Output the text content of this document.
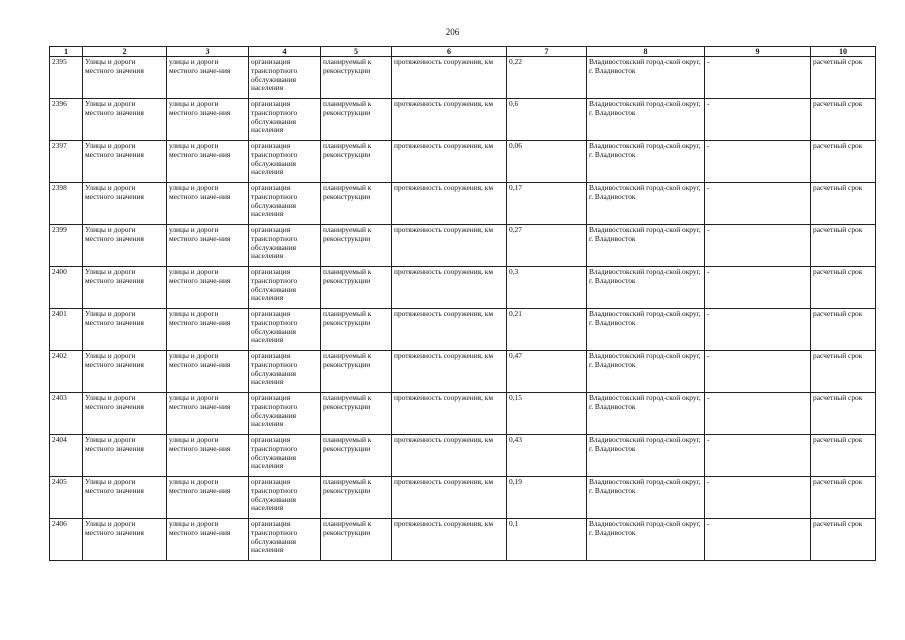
206
1	2	3	4	5	6	7	8	9	10
2395	Улицы и дороги местного значения	улицы и дороги местного значе-ния	организация транспортного обслуживания населения	планируемый к реконструкции	протяженность сооружения, км	0,22	Владивостокский город-ской округ, г. Владивосток	-	расчетный срок
2396	Улицы и дороги местного значения	улицы и дороги местного значе-ния	организация транспортного обслуживания населения	планируемый к реконструкции	протяженность сооружения, км	0,6	Владивостокский город-ской округ, г. Владивосток	-	расчетный срок
2397	Улицы и дороги местного значения	улицы и дороги местного значе-ния	организация транспортного обслуживания населения	планируемый к реконструкции	протяженность сооружения, км	0,06	Владивостокский город-ской округ, г. Владивосток	-	расчетный срок
2398	Улицы и дороги местного значения	улицы и дороги местного значе-ния	организация транспортного обслуживания населения	планируемый к реконструкции	протяженность сооружения, км	0,17	Владивостокский город-ской округ, г. Владивосток	-	расчетный срок
2399	Улицы и дороги местного значения	улицы и дороги местного значе-ния	организация транспортного обслуживания населения	планируемый к реконструкции	протяженность сооружения, км	0,27	Владивостокский город-ской округ, г. Владивосток	-	расчетный срок
2400	Улицы и дороги местного значения	улицы и дороги местного значе-ния	организация транспортного обслуживания населения	планируемый к реконструкции	протяженность сооружения, км	0,3	Владивостокский город-ской округ, г. Владивосток	-	расчетный срок
2401	Улицы и дороги местного значения	улицы и дороги местного значе-ния	организация транспортного обслуживания населения	планируемый к реконструкции	протяженность сооружения, км	0,21	Владивостокский город-ской округ, г. Владивосток	-	расчетный срок
2402	Улицы и дороги местного значения	улицы и дороги местного значе-ния	организация транспортного обслуживания населения	планируемый к реконструкции	протяженность сооружения, км	0,47	Владивостокский город-ской округ, г. Владивосток	-	расчетный срок
2403	Улицы и дороги местного значения	улицы и дороги местного значе-ния	организация транспортного обслуживания населения	планируемый к реконструкции	протяженность сооружения, км	0,15	Владивостокский город-ской округ, г. Владивосток	-	расчетный срок
2404	Улицы и дороги местного значения	улицы и дороги местного значе-ния	организация транспортного обслуживания населения	планируемый к реконструкции	протяженность сооружения, км	0,43	Владивостокский город-ской округ, г. Владивосток	-	расчетный срок
2405	Улицы и дороги местного значения	улицы и дороги местного значе-ния	организация транспортного обслуживания населения	планируемый к реконструкции	протяженность сооружения, км	0,19	Владивостокский город-ской округ, г. Владивосток	-	расчетный срок
2406	Улицы и дороги местного значения	улицы и дороги местного значе-ния	организация транспортного обслуживания населения	планируемый к реконструкции	протяженность сооружения, км	0,1	Владивостокский город-ской округ, г. Владивосток	-	расчетный срок
